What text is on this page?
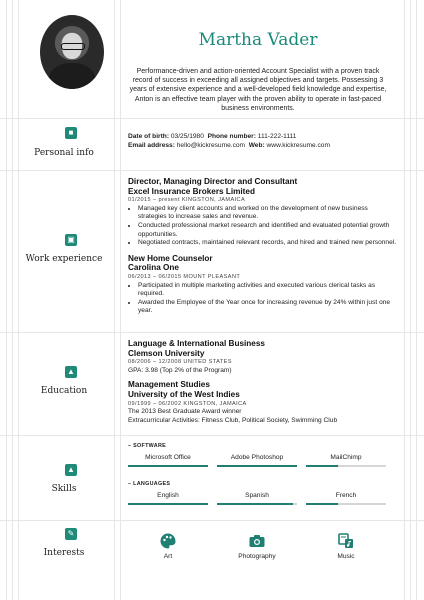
Martha Vader
Performance-driven and action-oriented Account Specialist with a proven track record of success in exceeding all assigned objectives and targets. Possessing 3 years of extensive experience and a well-developed field knowledge and expertise, Anton is an effective team player with the proven ability to operate in fast-paced business environments.
■
Personal info
Date of birth: 03/25/1980 Phone number: 111-222-1111
Email address: hello@kickresume.com Web: www.kickresume.com
▣
Work experience
Director, Managing Director and Consultant
Excel Insurance Brokers Limited
01/2015 – present KINGSTON, JAMAICA
• Managed key client accounts and worked on the development of new business strategies to increase sales and revenue.
• Conducted professional market research and identified and evaluated potential growth opportunities.
• Negotiated contracts, maintained relevant records, and hired and trained new personnel.
New Home Counselor
Carolina One
06/2013 – 06/2015 MOUNT PLEASANT
• Participated in multiple marketing activities and executed various clerical tasks as required.
• Awarded the Employee of the Year once for increasing revenue by 24% within just one year.
▲
Education
Language & International Business
Clemson University
08/2006 – 12/2008 UNITED STATES
GPA: 3.98 (Top 2% of the Program)
Management Studies
University of the West Indies
09/1999 – 06/2002 KINGSTON, JAMAICA
The 2013 Best Graduate Award winner
Extracurricular Activities: Fitness Club, Political Society, Swimming Club
▲
Skills
– SOFTWARE
Microsoft Office	Adobe Photoshop	MailChimp
– LANGUAGES
English	Spanish	French
✎
Interests	Art	Photography	Music
